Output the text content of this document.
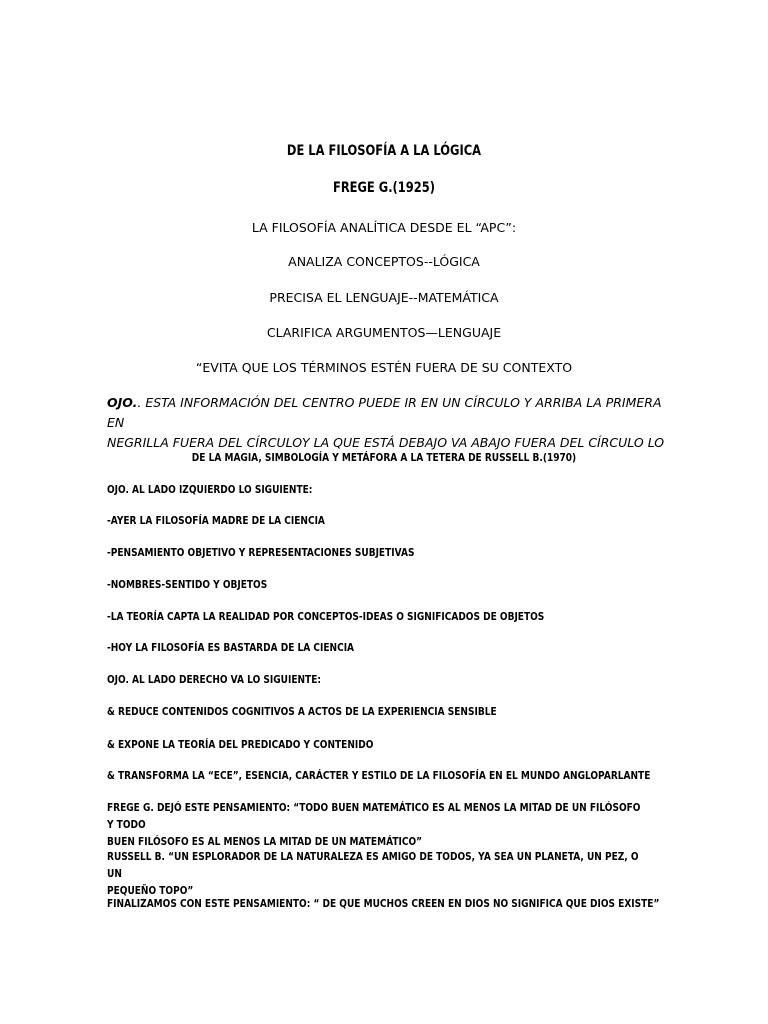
DE LA FILOSOFÍA A LA LÓGICA
FREGE G.(1925)
LA FILOSOFÍA ANALÍTICA DESDE EL “APC”:
ANALIZA CONCEPTOS--LÓGICA
PRECISA EL LENGUAJE--MATEMÁTICA
CLARIFICA ARGUMENTOS—LENGUAJE
“EVITA QUE LOS TÉRMINOS ESTÉN FUERA DE SU CONTEXTO
OJO.. ESTA INFORMACIÓN DEL CENTRO PUEDE IR EN UN CÍRCULO Y ARRIBA LA PRIMERA EN
NEGRILLA FUERA DEL CÍRCULOY LA QUE ESTÁ DEBAJO VA ABAJO FUERA DEL CÍRCULO LO
DE LA MAGIA, SIMBOLOGÍA Y METÁFORA A LA TETERA DE RUSSELL B.(1970)
OJO. AL LADO IZQUIERDO LO SIGUIENTE:
-AYER LA FILOSOFÍA MADRE DE LA CIENCIA
-PENSAMIENTO OBJETIVO Y REPRESENTACIONES SUBJETIVAS
-NOMBRES-SENTIDO Y OBJETOS
-LA TEORÍA CAPTA LA REALIDAD POR CONCEPTOS-IDEAS O SIGNIFICADOS DE OBJETOS
-HOY LA FILOSOFÍA ES BASTARDA DE LA CIENCIA
OJO. AL LADO DERECHO VA LO SIGUIENTE:
& REDUCE CONTENIDOS COGNITIVOS A ACTOS DE LA EXPERIENCIA SENSIBLE
& EXPONE LA TEORÍA DEL PREDICADO Y CONTENIDO
& TRANSFORMA LA “ECE”, ESENCIA, CARÁCTER Y ESTILO DE LA FILOSOFÍA EN EL MUNDO ANGLOPARLANTE
FREGE G. DEJÓ ESTE PENSAMIENTO: “TODO BUEN MATEMÁTICO ES AL MENOS LA MITAD DE UN FILÓSOFO Y TODO
BUEN FILÓSOFO ES AL MENOS LA MITAD DE UN MATEMÁTICO”
RUSSELL B. “UN ESPLORADOR DE LA NATURALEZA ES AMIGO DE TODOS, YA SEA UN PLANETA, UN PEZ, O UN
PEQUEÑO TOPO”
FINALIZAMOS CON ESTE PENSAMIENTO: “ DE QUE MUCHOS CREEN EN DIOS NO SIGNIFICA QUE DIOS EXISTE”
